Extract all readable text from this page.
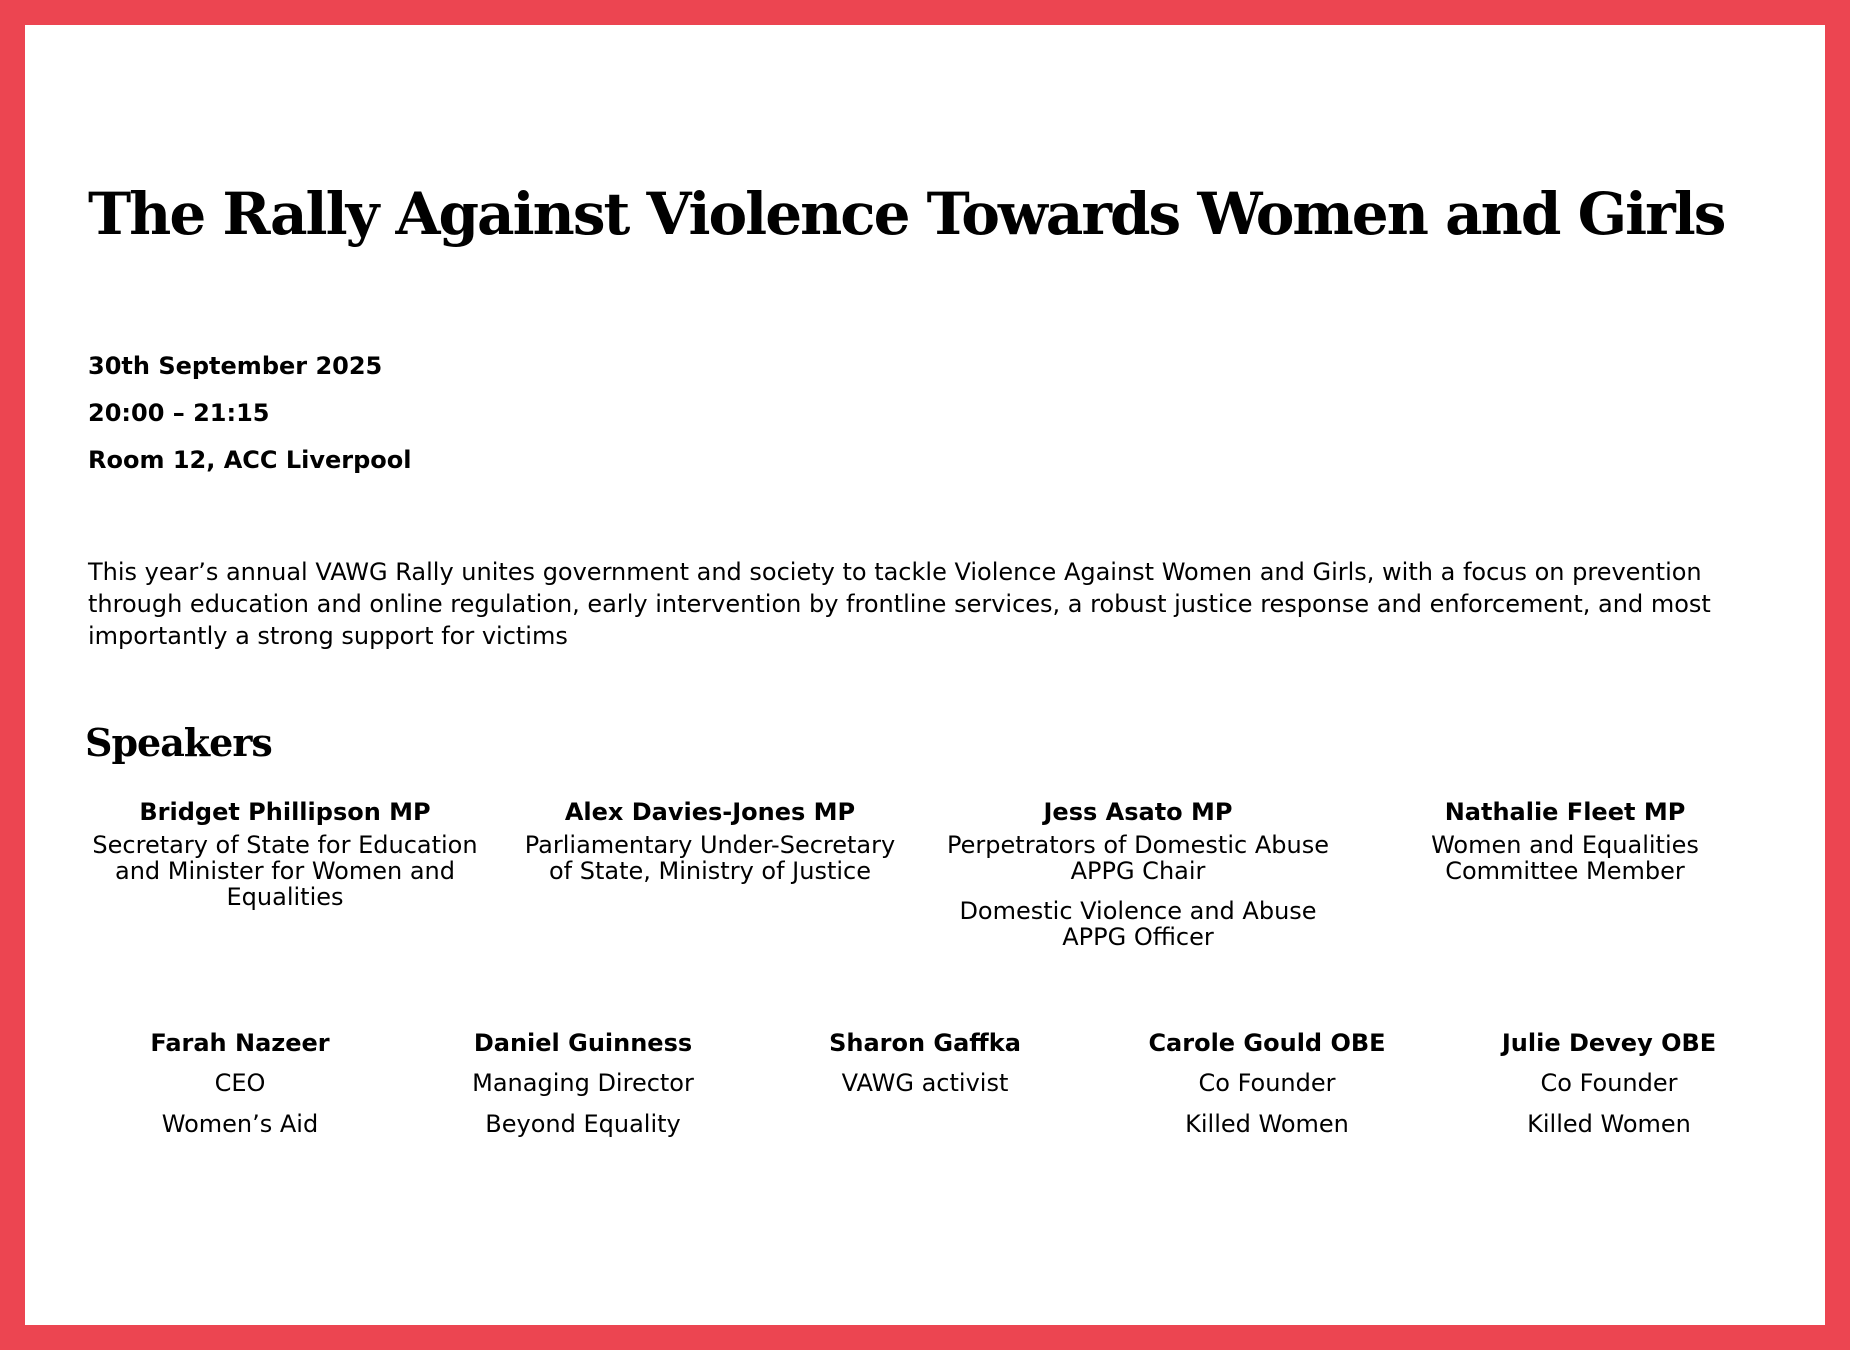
The Rally Against Violence Towards Women and Girls
30th September 2025
20:00 – 21:15
Room 12, ACC Liverpool
This year’s annual VAWG Rally unites government and society to tackle Violence Against Women and Girls, with a focus on prevention through education and online regulation, early intervention by frontline services, a robust justice response and enforcement, and most importantly a strong support for victims
Speakers
Bridget Phillipson MP
Secretary of State for Education and Minister for Women and Equalities
Alex Davies-Jones MP
Parliamentary Under-Secretary of State, Ministry of Justice
Jess Asato MP
Perpetrators of Domestic Abuse APPG Chair
Domestic Violence and Abuse APPG Officer
Nathalie Fleet MP
Women and Equalities Committee Member
Farah Nazeer
CEO
Women’s Aid
Daniel Guinness
Managing Director
Beyond Equality
Sharon Gaffka
VAWG activist
Carole Gould OBE
Co Founder
Killed Women
Julie Devey OBE
Co Founder
Killed Women
